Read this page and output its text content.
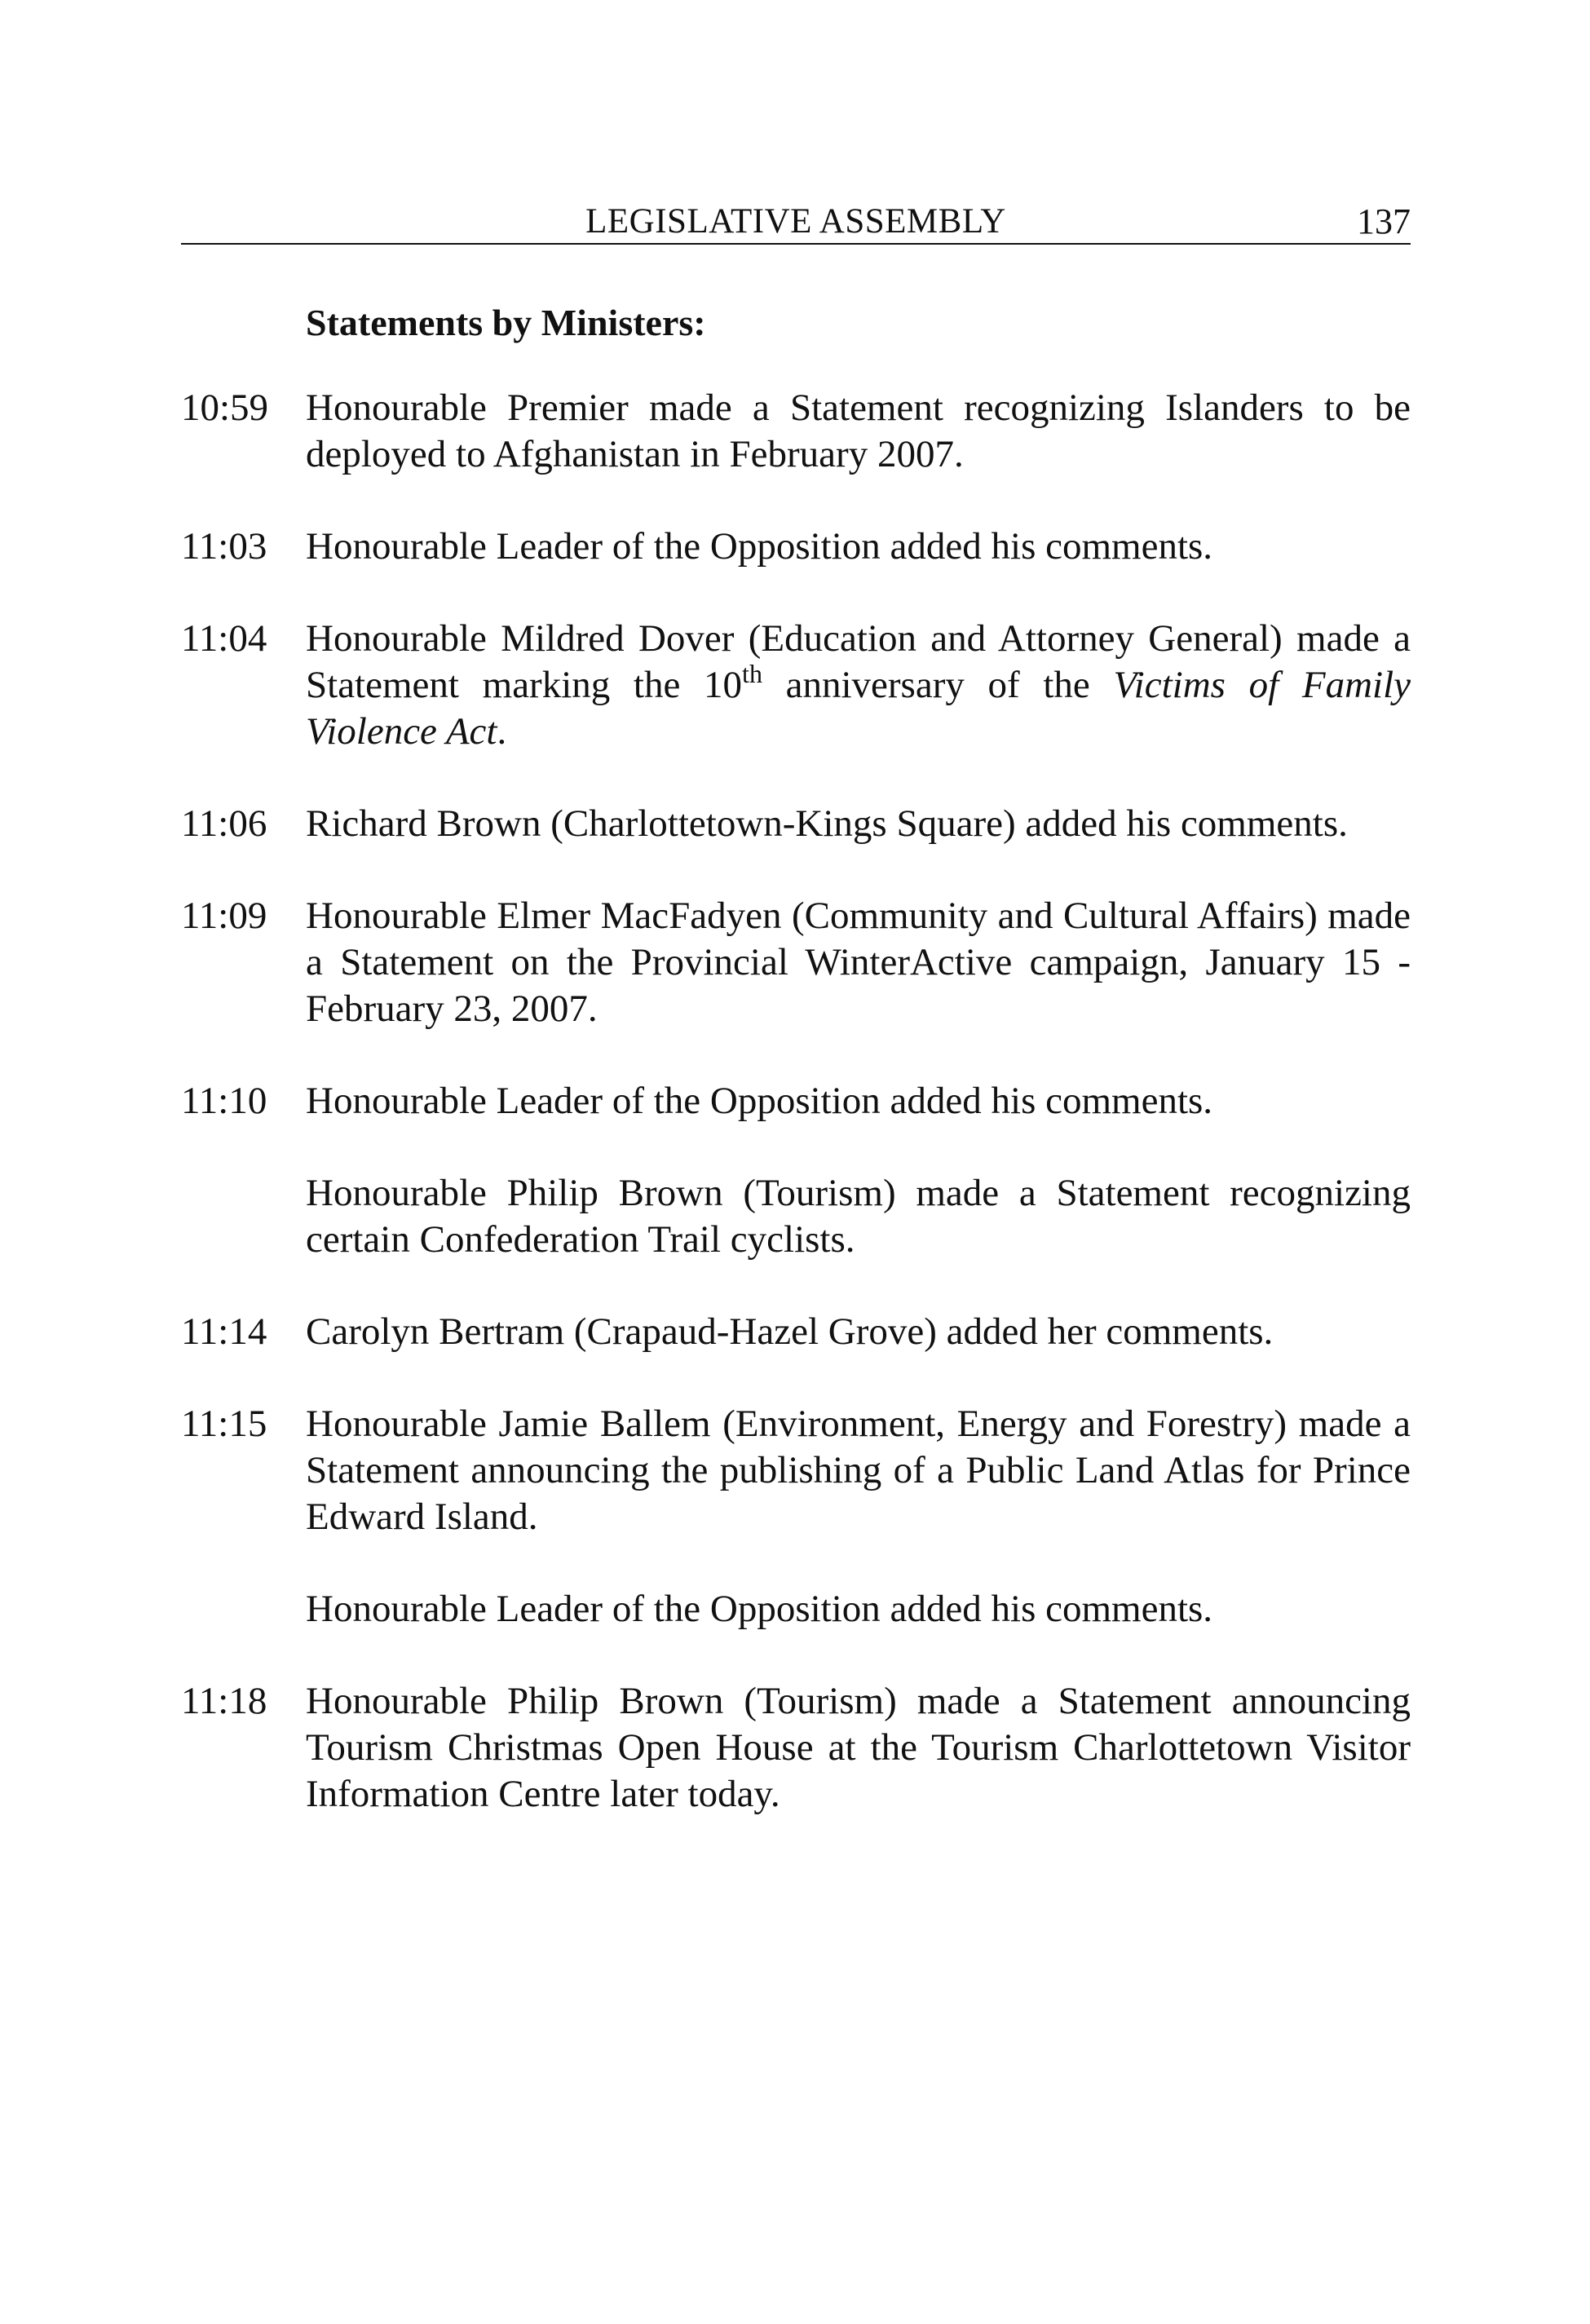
LEGISLATIVE ASSEMBLY	137
Statements by Ministers:
10:59 Honourable Premier made a Statement recognizing Islanders to be deployed to Afghanistan in February 2007.
11:03	Honourable Leader of the Opposition added his comments.
11:04	Honourable Mildred Dover (Education and Attorney General) made a Statement marking the 10th anniversary of the Victims of Family Violence Act.
11:06	Richard Brown (Charlottetown-Kings Square) added his comments.
11:09	Honourable Elmer MacFadyen (Community and Cultural Affairs) made a Statement on the Provincial WinterActive campaign, January 15 - February 23, 2007.
11:10	Honourable Leader of the Opposition added his comments.
Honourable Philip Brown (Tourism) made a Statement recognizing certain Confederation Trail cyclists.
11:14	Carolyn Bertram (Crapaud-Hazel Grove) added her comments.
11:15	Honourable Jamie Ballem (Environment, Energy and Forestry) made a Statement announcing the publishing of a Public Land Atlas for Prince Edward Island.
Honourable Leader of the Opposition added his comments.
11:18	Honourable Philip Brown (Tourism) made a Statement announcing Tourism Christmas Open House at the Tourism Charlottetown Visitor Information Centre later today.
